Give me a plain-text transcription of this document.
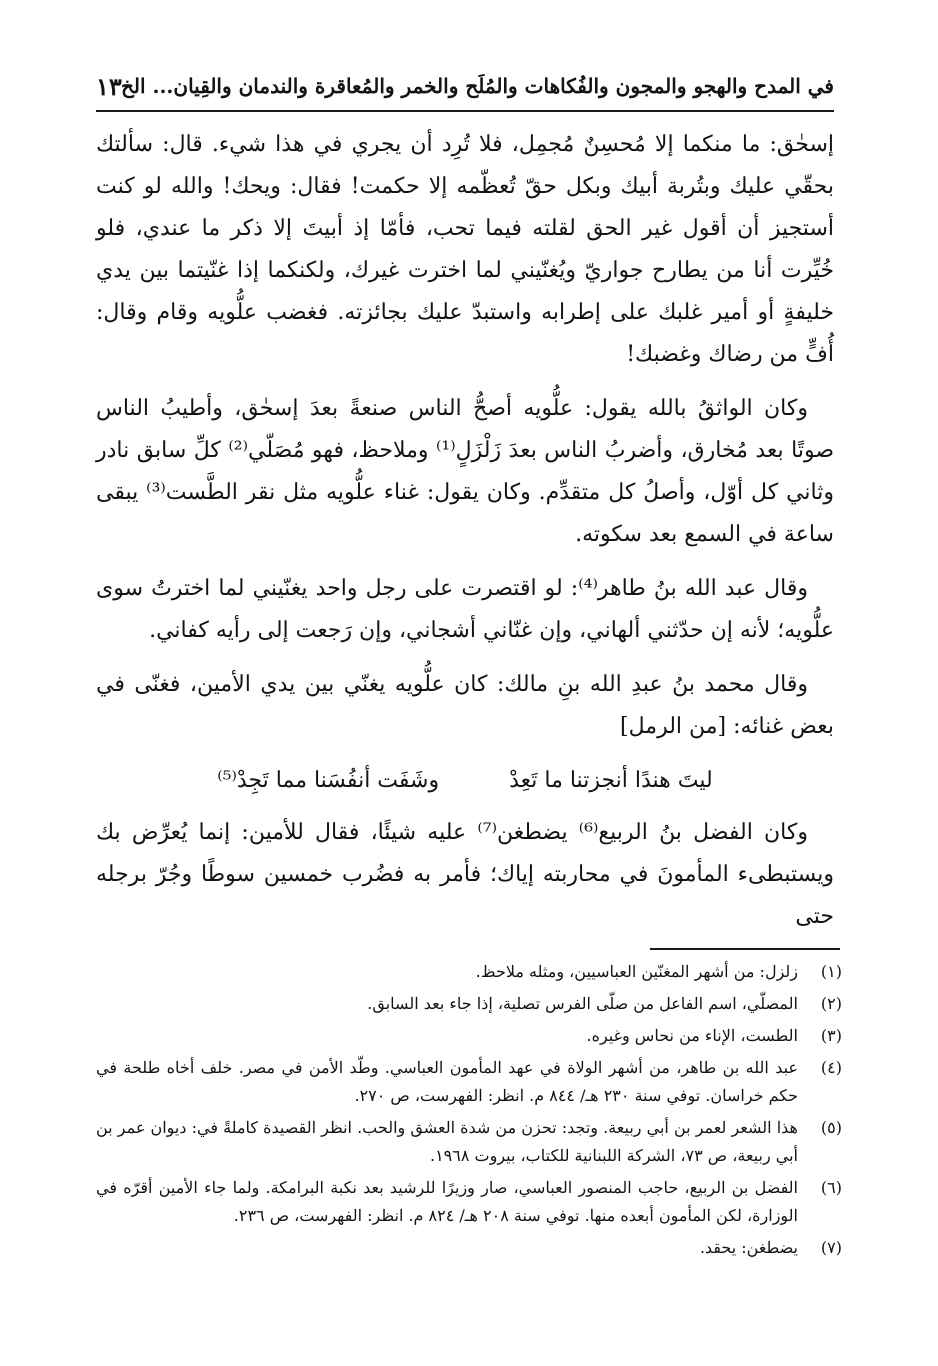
في المدح والهجو والمجون والفُكاهات والمُلَح والخمر والمُعاقرة والندمان والقِيان... الخ
١٣

إسحٰق: ما منكما إلا مُحسِنٌ مُجمِل، فلا تُرِد أن يجري في هذا شيء. قال: سألتك بحقّي عليك وبتُربة أبيك وبكل حقّ تُعظّمه إلا حكمت! فقال: ويحك! والله لو كنت أستجيز أن أقول غير الحق لقلته فيما تحب، فأمّا إذ أبيتَ إلا ذكر ما عندي، فلو خُيِّرت أنا من يطارح جواريّ ويُغنّيني لما اخترت غيرك، ولكنكما إذا غنّيتما بين يدي خليفةٍ أو أمير غلبك على إطرابه واستبدّ عليك بجائزته. فغضب علُّويه وقام وقال: أُفٍّ من رضاك وغضبك!

وكان الواثقُ بالله يقول: علُّويه أصحُّ الناس صنعةً بعدَ إسحٰق، وأطيبُ الناس صوتًا بعد مُخارق، وأضربُ الناس بعدَ زَلْزَلٍ⁽¹⁾ وملاحظ، فهو مُصَلّي⁽²⁾ كلِّ سابق نادر وثاني كل أوّل، وأصلُ كل متقدِّم. وكان يقول: غناء علُّويه مثل نقر الطَّست⁽³⁾ يبقى ساعة في السمع بعد سكوته.

وقال عبد الله بنُ طاهر⁽⁴⁾: لو اقتصرت على رجل واحد يغنّيني لما اخترتُ سوى علُّويه؛ لأنه إن حدّثني ألهاني، وإن غنّاني أشجاني، وإن رَجعت إلى رأيه كفاني.

وقال محمد بنُ عبدِ الله بنِ مالك: كان علُّويه يغنّي بين يدي الأمين، فغنّى في بعض غنائه: [من الرمل]

ليتَ هندًا أنجزتنا ما تَعِدْ
وشَفَت أنفُسَنا مما تَجِدْ⁽⁵⁾

وكان الفضل بنُ الربيع⁽⁶⁾ يضطغن⁽⁷⁾ عليه شيئًا، فقال للأمين: إنما يُعرِّض بك ويستبطىء المأمونَ في محاربته إياك؛ فأمر به فضُرب خمسين سوطًا وجُرّ برجله حتى

(١)
زلزل: من أشهر المغنّين العباسيين، ومثله ملاحظ.
(٢)
المصلّي، اسم الفاعل من صلّى الفرس تصلية، إذا جاء بعد السابق.
(٣)
الطست، الإناء من نحاس وغيره.
(٤)
عبد الله بن طاهر، من أشهر الولاة في عهد المأمون العباسي. وطّد الأمن في مصر. خلف أخاه طلحة في حكم خراسان. توفي سنة ٢٣٠ هـ/ ٨٤٤ م. انظر: الفهرست، ص ٢٧٠.
(٥)
هذا الشعر لعمر بن أبي ربيعة. وتجد: تحزن من شدة العشق والحب. انظر القصيدة كاملةً في: ديوان عمر بن أبي ربيعة، ص ٧٣، الشركة اللبنانية للكتاب، بيروت ١٩٦٨.
(٦)
الفضل بن الربيع، حاجب المنصور العباسي، صار وزيرًا للرشيد بعد نكبة البرامكة. ولما جاء الأمين أقرّه في الوزارة، لكن المأمون أبعده منها. توفي سنة ٢٠٨ هـ/ ٨٢٤ م. انظر: الفهرست، ص ٢٣٦.
(٧)
يضطغن: يحقد.
